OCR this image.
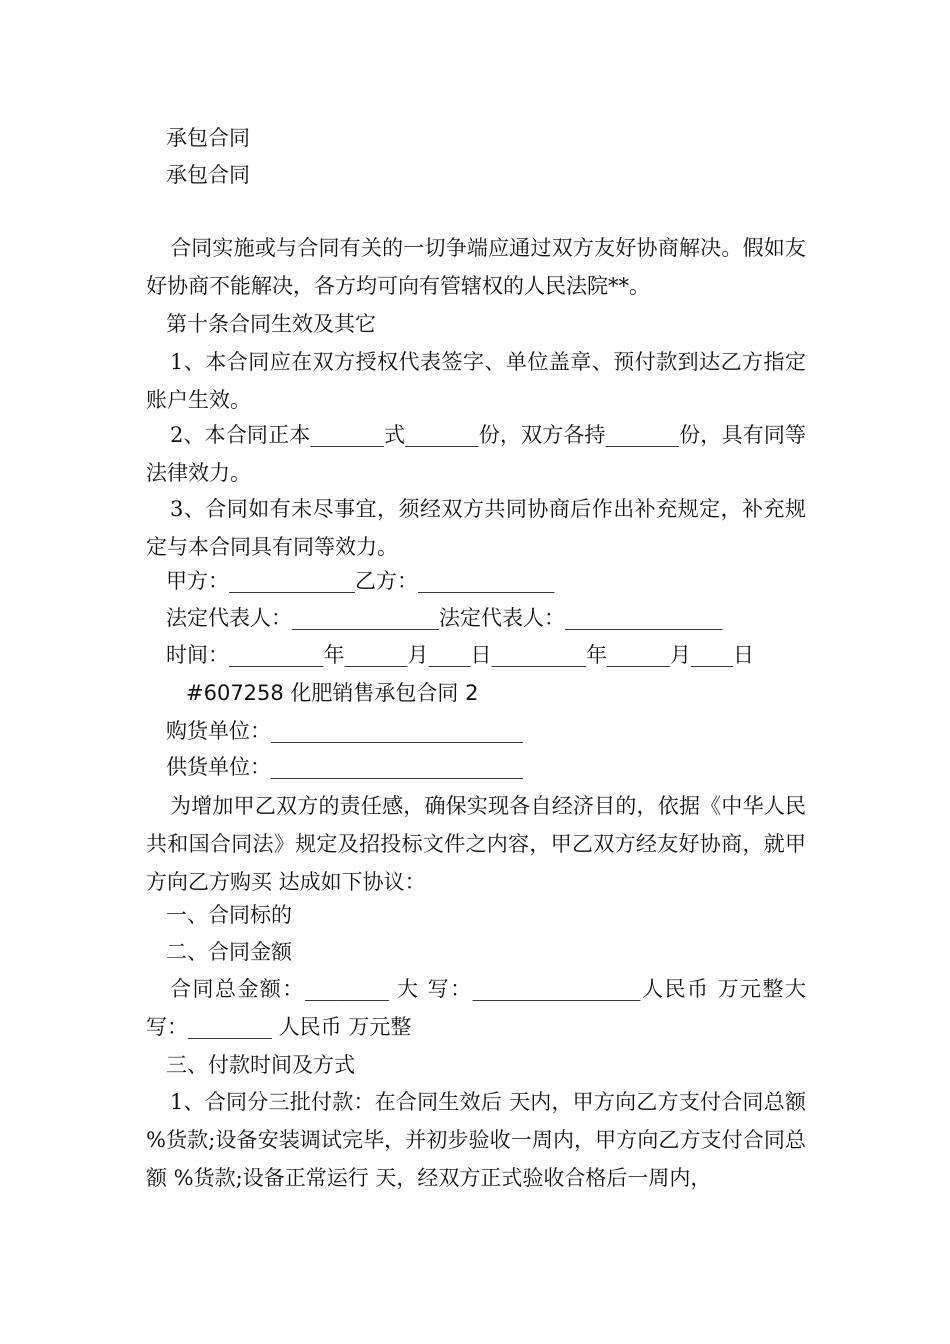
承包合同
承包合同
合同实施或与合同有关的一切争端应通过双方友好协商解决。假如友好协商不能解决，各方均可向有管辖权的人民法院**。
第十条合同生效及其它
1、本合同应在双方授权代表签字、单位盖章、预付款到达乙方指定账户生效。
2、本合同正本_______式_______份，双方各持_______份，具有同等法律效力。
3、合同如有未尽事宜，须经双方共同协商后作出补充规定，补充规定与本合同具有同等效力。
甲方：____________乙方：_____________
法定代表人：______________法定代表人：_______________
时间：_________年______月____日_________年______月____日
#607258 化肥销售承包合同 2
购货单位：________________________
供货单位：________________________
为增加甲乙双方的责任感，确保实现各自经济目的，依据《中华人民共和国合同法》规定及招投标文件之内容，甲乙双方经友好协商，就甲方向乙方购买 达成如下协议：
一、合同标的
二、合同金额
合同总金额：________ 大 写：________________人民币 万元整大 写：________ 人民币 万元整
三、付款时间及方式
1、合同分三批付款：在合同生效后 天内，甲方向乙方支付合同总额 %货款;设备安装调试完毕，并初步验收一周内，甲方向乙方支付合同总额 %货款;设备正常运行 天，经双方正式验收合格后一周内，
